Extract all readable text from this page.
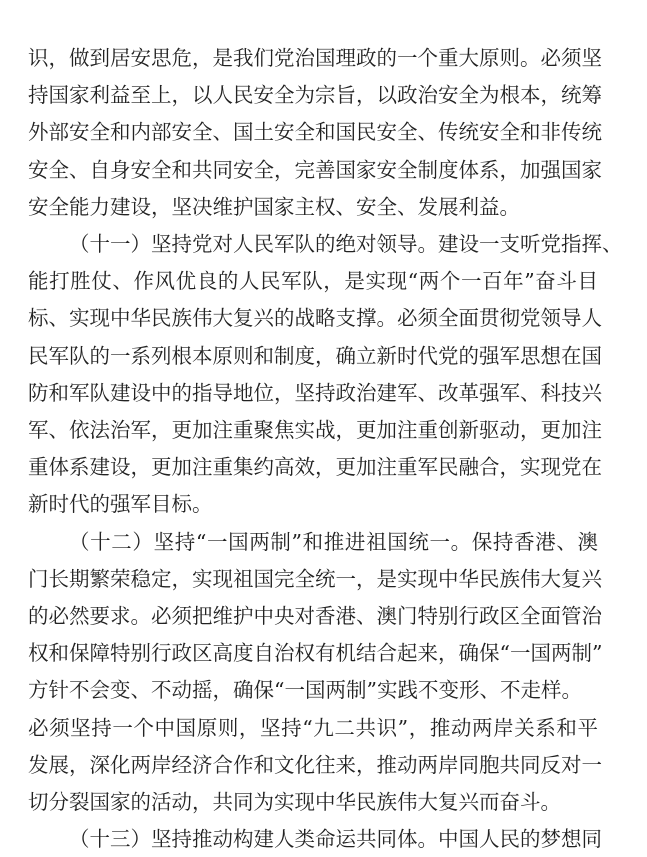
识，做到居安思危，是我们党治国理政的一个重大原则。必须坚
持国家利益至上，以人民安全为宗旨，以政治安全为根本，统筹
外部安全和内部安全、国土安全和国民安全、传统安全和非传统
安全、自身安全和共同安全，完善国家安全制度体系，加强国家
安全能力建设，坚决维护国家主权、安全、发展利益。
（十一）坚持党对人民军队的绝对领导。建设一支听党指挥、
能打胜仗、作风优良的人民军队，是实现“两个一百年”奋斗目
标、实现中华民族伟大复兴的战略支撑。必须全面贯彻党领导人
民军队的一系列根本原则和制度，确立新时代党的强军思想在国
防和军队建设中的指导地位，坚持政治建军、改革强军、科技兴
军、依法治军，更加注重聚焦实战，更加注重创新驱动，更加注
重体系建设，更加注重集约高效，更加注重军民融合，实现党在
新时代的强军目标。
（十二）坚持“一国两制”和推进祖国统一。保持香港、澳
门长期繁荣稳定，实现祖国完全统一，是实现中华民族伟大复兴
的必然要求。必须把维护中央对香港、澳门特别行政区全面管治
权和保障特别行政区高度自治权有机结合起来，确保“一国两制”
方针不会变、不动摇，确保“一国两制”实践不变形、不走样。
必须坚持一个中国原则，坚持“九二共识”，推动两岸关系和平
发展，深化两岸经济合作和文化往来，推动两岸同胞共同反对一
切分裂国家的活动，共同为实现中华民族伟大复兴而奋斗。
（十三）坚持推动构建人类命运共同体。中国人民的梦想同
